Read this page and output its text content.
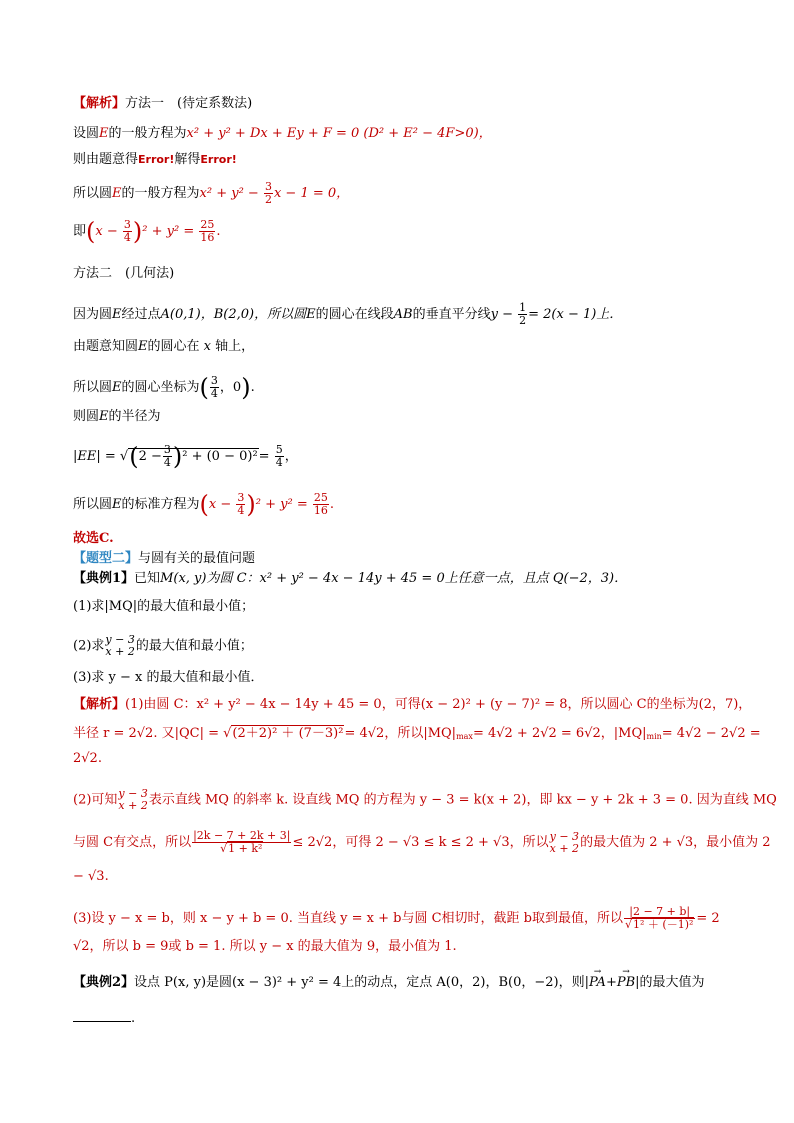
【解析】方法一　(待定系数法)
设圆E的一般方程为x² + y² + Dx + Ey + F = 0 (D² + E² − 4F>0)，
则由题意得Error!解得Error!
所以圆E的一般方程为$x^2 + y^2 - \frac{3}{2}$ x − 1 = 0，
即$(x - \frac{3}{4} )^2 + y^2 = \frac{25}{16}$ .
方法二　(几何法)
因为圆E经过点A(0,1)，B(2,0)，所以圆E的圆心在线段AB的垂直平分线$y - \frac{1}{2} = 2(x - 1)$上．
由题意知圆E的圆心在 x 轴上，
所以圆E的圆心坐标为( $\frac{3}{4}$ ，0).
则圆E的半径为
$|EE| = √(2 - \frac{3}{4} )^2 + (0 - 0)^2= \frac{5}{4}$ ，
所以圆E的标准方程为$(x - \frac{3}{4} )^2 + y^2 = \frac{25}{16}$ .
故选C.
【题型二】与圆有关的最值问题
【典例1】已知M(x, y)为圆 C：x² + y² − 4x − 14y + 45 = 0上任意一点，且点 Q(−2，3)．
(1)求|MQ|的最大值和最小值；
(2)求y − 3
x + 2 的最大值和最小值；
(3)求 y − x 的最大值和最小值．
【解析】(1)由圆 C：x² + y² − 4x − 14y + 45 = 0，可得(x − 2)² + (y − 7)² = 8，所以圆心 C的坐标为(2，7)，
半径 r = 2√2. 又|QC| = √(2＋2)² ＋ (7－3)²= 4√2，所以$|MQ|_{max}= 4√2 + 2√2 = 6√2$，$|MQ|_{min}= 4√2 - 2√2$ =
2√2.
(2)可知y − 3
x + 2 表示直线 MQ 的斜率 k. 设直线 MQ 的方程为 y − 3 = k(x + 2)，即 kx − y + 2k + 3 = 0. 因为直线 MQ
与圆 C有交点，所以 $\frac{|2k - 7 + 2k + 3|}{\text{√1 + k²}} \le 2√2$，可得 2 − √3 ≤ k ≤ 2 + √3，所以y − 3
x + 2 的最大值为 2 + √3，最小值为 2
− √3.
(3)设 y − x = b，则 x − y + b = 0. 当直线 y = x + b与圆 C相切时，截距 b取到最值，所以 $\frac{|2 - 7 + b|}{\text{√1² ＋ (－1)²}} = 2$
√2，所以 b = 9或 b = 1. 所以 y − x 的最大值为 9，最小值为 1.
【典例2】设点 P(x, y)是圆(x − 3)² + y² = 4上的动点，定点 A(0，2)，B(0，−2)，则|→ PA+→ PB|的最大值为
.
